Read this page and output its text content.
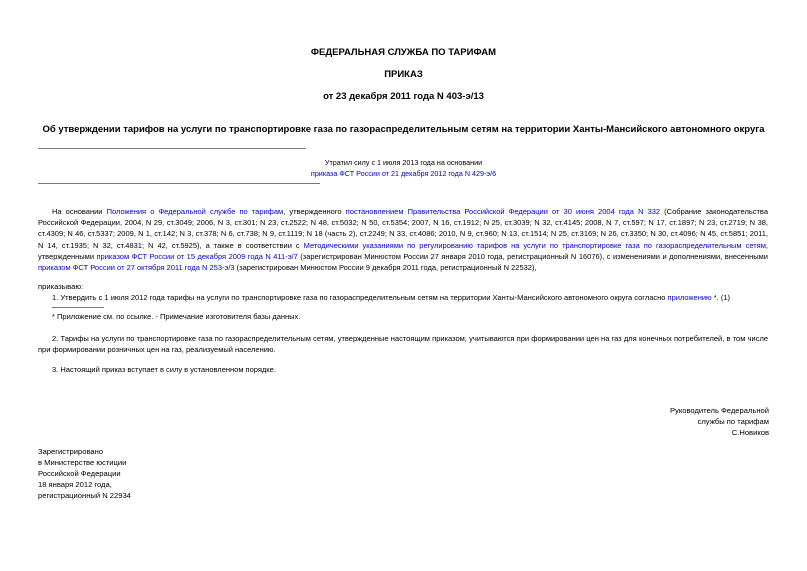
ФЕДЕРАЛЬНАЯ СЛУЖБА ПО ТАРИФАМ
ПРИКАЗ
от 23 декабря 2011 года N 403-э/13
Об утверждении тарифов на услуги по транспортировке газа по газораспределительным сетям на территории Ханты-Мансийского автономного округа
Утратил силу с 1 июля 2013 года на основании
приказа ФСТ России от 21 декабря 2012 года N 429-э/6
На основании Положения о Федеральной службе по тарифам, утвержденного постановлением Правительства Российской Федерации от 30 июня 2004 года N 332 (Собрание законодательства Российской Федерации, 2004, N 29, ст.3049; 2006, N 3, ст.301; N 23, ст.2522; N 48, ст.5032; N 50, ст.5354; 2007, N 16, ст.1912; N 25, ст.3039; N 32, ст.4145; 2008, N 7, ст.597; N 17, ст.1897; N 23, ст.2719; N 38, ст.4309; N 46, ст.5337; 2009, N 1, ст.142; N 3, ст.378; N 6, ст.738; N 9, ст.1119; N 18 (часть 2), ст.2249; N 33, ст.4086; 2010, N 9, ст.960; N 13, ст.1514; N 25, ст.3169; N 26, ст.3350; N 30, ст.4096; N 45, ст.5851; 2011, N 14, ст.1935; N 32, ст.4831; N 42, ст.5925), а также в соответствии с Методическими указаниями по регулированию тарифов на услуги по транспортировке газа по газораспределительным сетям, утвержденными приказом ФСТ России от 15 декабря 2009 года N 411-э/7 (зарегистрирован Минюстом России 27 января 2010 года, регистрационный N 16076), с изменениями и дополнениями, внесенными приказом ФСТ России от 27 октября 2011 года N 253-э/3 (зарегистрирован Минюстом России 9 декабря 2011 года, регистрационный N 22532),
приказываю:
1. Утвердить с 1 июля 2012 года тарифы на услуги по транспортировке газа по газораспределительным сетям на территории Ханты-Мансийского автономного округа согласно приложению *. (1)
* Приложение см. по ссылке. - Примечание изготовителя базы данных.
2. Тарифы на услуги по транспортировке газа по газораспределительным сетям, утвержденные настоящим приказом, учитываются при формировании цен на газ для конечных потребителей, в том числе при формировании розничных цен на газ, реализуемый населению.
3. Настоящий приказ вступает в силу в установленном порядке.
Руководитель Федеральной
службы по тарифам
С.Новиков
Зарегистрировано
в Министерстве юстиции
Российской Федерации
18 января 2012 года,
регистрационный N 22934
